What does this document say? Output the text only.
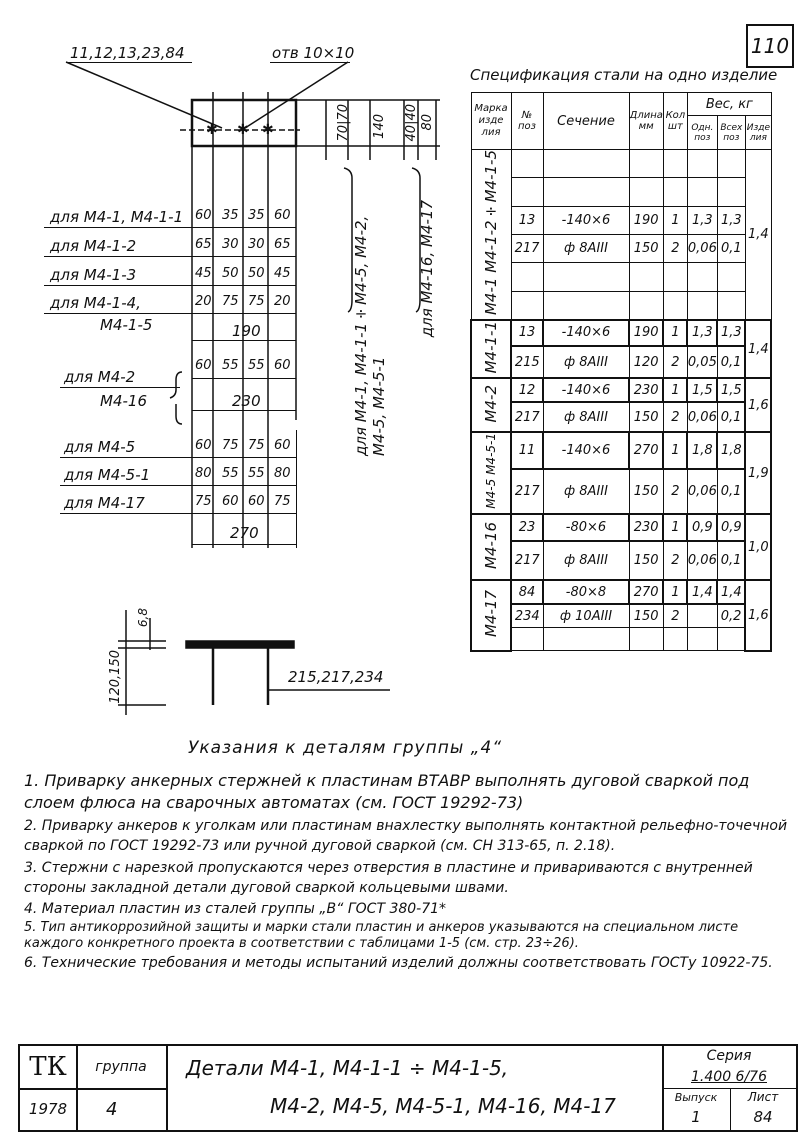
110
11,12,13,23,84	отв 10×10
✱ ✱ ✱	70|70 140 40|40 80
для М4-1, М4-1-1÷М4-5, М4-2, М4-5, М4-5-1
для М4-16, М4-17
для М4-1, М4-1-1 60 35 35 60
для М4-1-2	65 30 30 65
для М4-1-3	45 50 50 45
для М4-1-4,	20 75 75 20
М4-1-5	190
для М4-2
60 55 55 60
М4-16	230
для М4-5	60 75 75 60
для М4-5-1	80 55 55 80
для М4-17	75 60 60 75
270
Спецификация стали на одно изделие
Марка изде лия	№ поз	Сечение	Длина мм	Кол шт	Вес, кг		
					Одн. поз	Всех поз	Изде лия
М4-1 М4-1-2÷М4-1-5							1,4

	13	-140×6	190	1	1,3	1,3	
	217	ф 8АIII	150	2	0,06	0,1	

М4-1-1	13	-140×6	190	1	1,3	1,3	1,4
	215	ф 8АIII	120	2	0,05	0,1	
М4-2	12	-140×6	230	1	1,5	1,5	1,6
	217	ф 8АIII	150	2	0,06	0,1	
М4-5 М4-5-1	11	-140×6	270	1	1,8	1,8	1,9
	217	ф 8АIII	150	2	0,06	0,1	
М4-16	23	-80×6	230	1	0,9	0,9	1,0
	217	ф 8АIII	150	2	0,06	0,1	
М4-17	84	-80×8	270	1	1,4	1,4	1,6
	234	ф 10АIII	150	2		0,2	

120,150
6,8
215,217,234
Указания к деталям группы „4“

1. Приварку анкерных стержней к пластинам ВТАВР выполнять дуговой сваркой под слоем флюса на сварочных автоматах (см. ГОСТ 19292-73)

2. Приварку анкеров к уголкам или пластинам внахлестку выполнять контактной рельефно-точечной сваркой по ГОСТ 19292-73 или ручной дуговой сваркой (см. СН 313-65, п. 2.18).

3. Стержни с нарезкой пропускаются через отверстия в пластине и привариваются с внутренней стороны закладной детали дуговой сваркой кольцевыми швами.

4. Материал пластин из сталей группы „В“ ГОСТ 380-71*

5. Тип антикоррозийной защиты и марки стали пластин и анкеров указываются на специальном листе каждого конкретного проекта в соответствии с таблицами 1-5 (см. стр. 23÷26).

6. Технические требования и методы испытаний изделий должны соответствовать ГОСТу 10922-75.

ТК	группа
1978	4
Детали М4-1, М4-1-1 ÷ М4-1-5,
М4-2, М4-5, М4-5-1, М4-16, М4-17
Серия
1.400 6/76
Выпуск
1
Лист
84
